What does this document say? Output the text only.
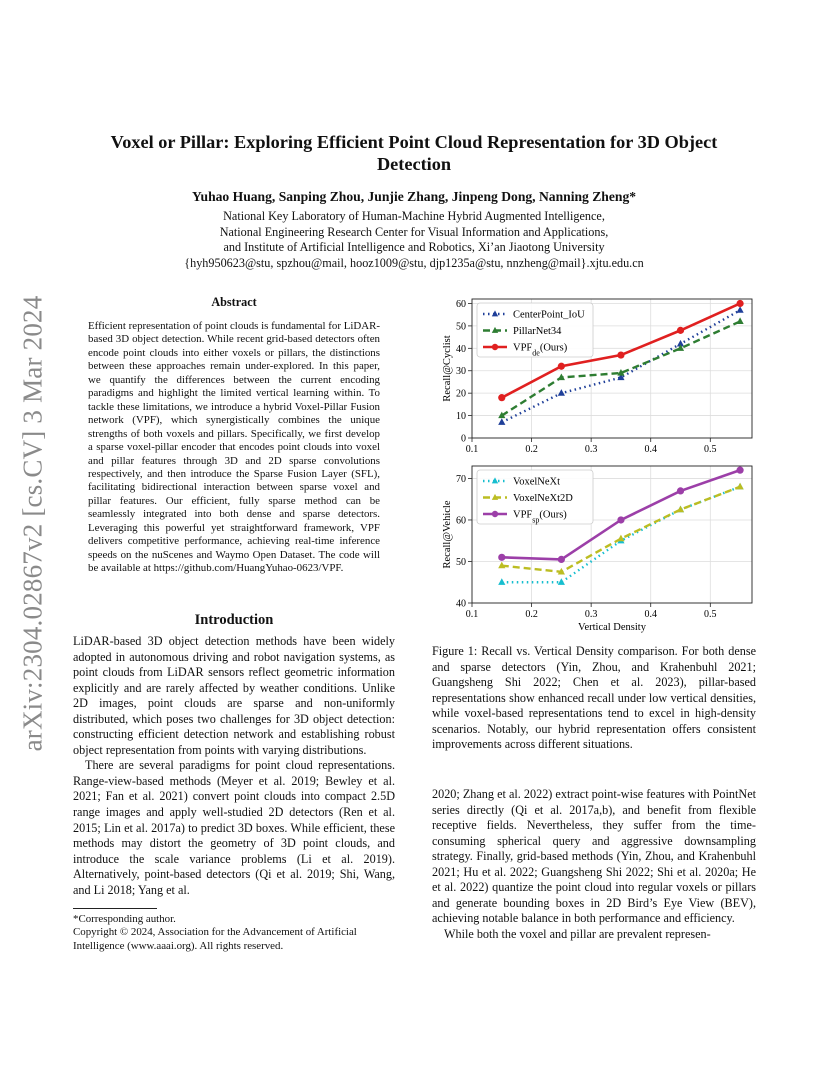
arXiv:2304.02867v2 [cs.CV] 3 Mar 2024
Voxel or Pillar: Exploring Efficient Point Cloud Representation for 3D Object Detection
Yuhao Huang, Sanping Zhou, Junjie Zhang, Jinpeng Dong, Nanning Zheng*
National Key Laboratory of Human-Machine Hybrid Augmented Intelligence,
National Engineering Research Center for Visual Information and Applications,
and Institute of Artificial Intelligence and Robotics, Xi’an Jiaotong University
{hyh950623@stu, spzhou@mail, hooz1009@stu, djp1235a@stu, nnzheng@mail}.xjtu.edu.cn
Abstract

Efficient representation of point clouds is fundamental for LiDAR-based 3D object detection. While recent grid-based detectors often encode point clouds into either voxels or pillars, the distinctions between these approaches remain under-explored. In this paper, we quantify the differences between the current encoding paradigms and highlight the limited vertical learning within. To tackle these limitations, we introduce a hybrid Voxel-Pillar Fusion network (VPF), which synergistically combines the unique strengths of both voxels and pillars. Specifically, we first develop a sparse voxel-pillar encoder that encodes point clouds into voxel and pillar features through 3D and 2D sparse convolutions respectively, and then introduce the Sparse Fusion Layer (SFL), facilitating bidirectional interaction between sparse voxel and pillar features. Our efficient, fully sparse method can be seamlessly integrated into both dense and sparse detectors. Leveraging this powerful yet straightforward framework, VPF delivers competitive performance, achieving real-time inference speeds on the nuScenes and Waymo Open Dataset. The code will be available at https://github.com/HuangYuhao-0623/VPF.

Introduction

LiDAR-based 3D object detection methods have been widely adopted in autonomous driving and robot navigation systems, as point clouds from LiDAR sensors reflect geometric information explicitly and are rarely affected by weather conditions. Unlike 2D images, point clouds are sparse and non-uniformly distributed, which poses two challenges for 3D object detection: constructing efficient detection network and establishing robust object representation from points with varying distributions.

There are several paradigms for point cloud representations. Range-view-based methods (Meyer et al. 2019; Bewley et al. 2021; Fan et al. 2021) convert point clouds into compact 2.5D range images and apply well-studied 2D detectors (Ren et al. 2015; Lin et al. 2017a) to predict 3D boxes. While efficient, these methods may distort the geometry of 3D point clouds, and introduce the scale variance problems (Li et al. 2019). Alternatively, point-based detectors (Qi et al. 2019; Shi, Wang, and Li 2018; Yang et al.

*Corresponding author.
Copyright © 2024, Association for the Advancement of Artificial Intelligence (www.aaai.org). All rights reserved.
0
10
20
30
40
50
60
0.1	0.2	0.3	0.4	0.5
Recall@Cyclist
CenterPoint_IoU
PillarNet34
$VPF_{de}(Ours)$
40
50
60
70
0.1	0.2	0.3	0.4	0.5
Recall@Vehicle
Vertical Density
VoxelNeXt
VoxelNeXt2D
$VPF_{sp}(Ours)$

Figure 1: Recall vs. Vertical Density comparison. For both dense and sparse detectors (Yin, Zhou, and Krahenbuhl 2021; Guangsheng Shi 2022; Chen et al. 2023), pillar-based representations show enhanced recall under low vertical densities, while voxel-based representations tend to excel in high-density scenarios. Notably, our hybrid representation offers consistent improvements across different situations.

2020; Zhang et al. 2022) extract point-wise features with PointNet series directly (Qi et al. 2017a,b), and benefit from flexible receptive fields. Nevertheless, they suffer from the time-consuming spherical query and aggressive downsampling strategy. Finally, grid-based methods (Yin, Zhou, and Krahenbuhl 2021; Hu et al. 2022; Guangsheng Shi 2022; Shi et al. 2020a; He et al. 2022) quantize the point cloud into regular voxels or pillars and generate bounding boxes in 2D Bird’s Eye View (BEV), achieving notable balance in both performance and efficiency.

While both the voxel and pillar are prevalent represen-
